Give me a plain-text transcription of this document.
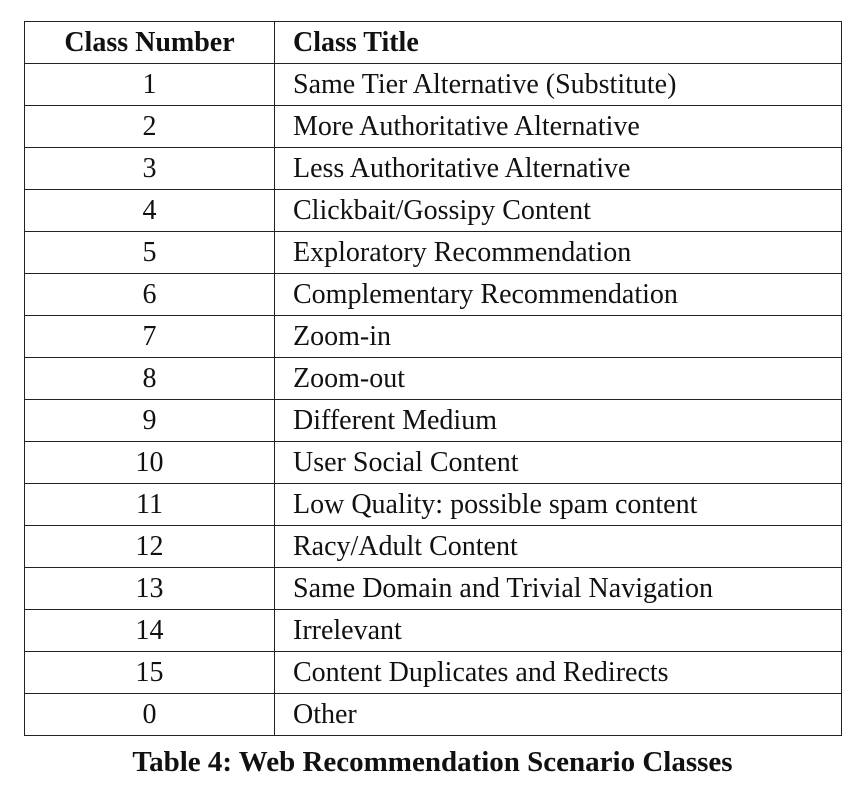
Class Number	Class Title
1	Same Tier Alternative (Substitute)
2	More Authoritative Alternative
3	Less Authoritative Alternative
4	Clickbait/Gossipy Content
5	Exploratory Recommendation
6	Complementary Recommendation
7	Zoom-in
8	Zoom-out
9	Different Medium
10	User Social Content
11	Low Quality: possible spam content
12	Racy/Adult Content
13	Same Domain and Trivial Navigation
14	Irrelevant
15	Content Duplicates and Redirects
0	Other
Table 4: Web Recommendation Scenario Classes
